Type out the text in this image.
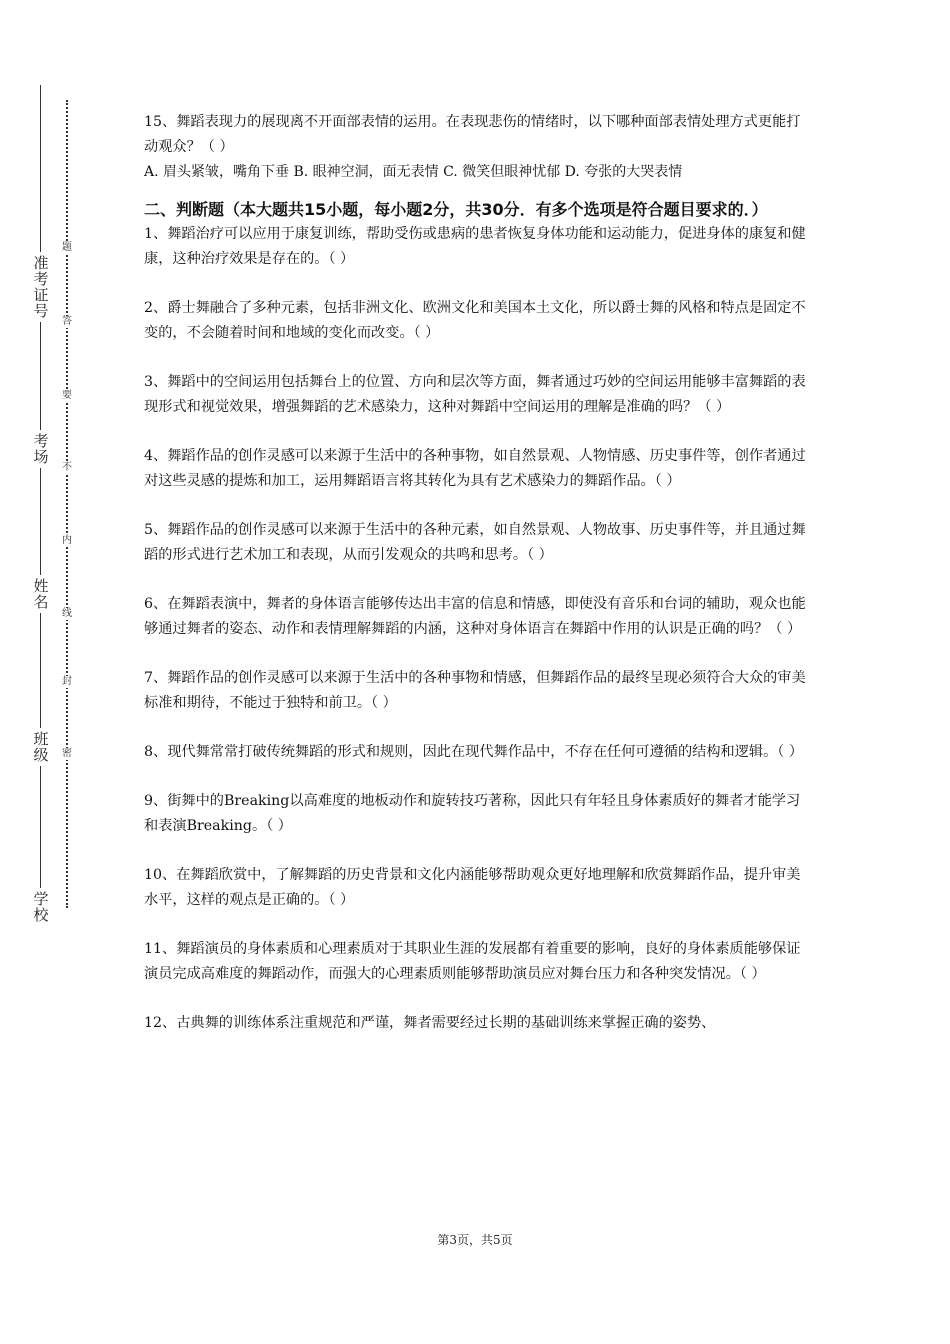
准
考
证
号
考
场
姓
名
班
级
学
校
题
答
要
不
内
线
封
密
15、舞蹈表现力的展现离不开面部表情的运用。在表现悲伤的情绪时，以下哪种面部表情处理方式更能打动观众？（ ）
A. 眉头紧皱，嘴角下垂 B. 眼神空洞，面无表情 C. 微笑但眼神忧郁 D. 夸张的大哭表情
二、判断题（本大题共15小题，每小题2分，共30分．有多个选项是符合题目要求的．）

1、舞蹈治疗可以应用于康复训练，帮助受伤或患病的患者恢复身体功能和运动能力，促进身体的康复和健康，这种治疗效果是存在的。（ ）

2、爵士舞融合了多种元素，包括非洲文化、欧洲文化和美国本土文化，所以爵士舞的风格和特点是固定不变的，不会随着时间和地域的变化而改变。（ ）

3、舞蹈中的空间运用包括舞台上的位置、方向和层次等方面，舞者通过巧妙的空间运用能够丰富舞蹈的表现形式和视觉效果，增强舞蹈的艺术感染力，这种对舞蹈中空间运用的理解是准确的吗？（ ）

4、舞蹈作品的创作灵感可以来源于生活中的各种事物，如自然景观、人物情感、历史事件等，创作者通过对这些灵感的提炼和加工，运用舞蹈语言将其转化为具有艺术感染力的舞蹈作品。（ ）

5、舞蹈作品的创作灵感可以来源于生活中的各种元素，如自然景观、人物故事、历史事件等，并且通过舞蹈的形式进行艺术加工和表现，从而引发观众的共鸣和思考。（ ）

6、在舞蹈表演中，舞者的身体语言能够传达出丰富的信息和情感，即使没有音乐和台词的辅助，观众也能够通过舞者的姿态、动作和表情理解舞蹈的内涵，这种对身体语言在舞蹈中作用的认识是正确的吗？（ ）

7、舞蹈作品的创作灵感可以来源于生活中的各种事物和情感，但舞蹈作品的最终呈现必须符合大众的审美标准和期待，不能过于独特和前卫。（ ）

8、现代舞常常打破传统舞蹈的形式和规则，因此在现代舞作品中，不存在任何可遵循的结构和逻辑。（ ）

9、街舞中的Breaking以高难度的地板动作和旋转技巧著称，因此只有年轻且身体素质好的舞者才能学习和表演Breaking。（ ）

10、在舞蹈欣赏中，了解舞蹈的历史背景和文化内涵能够帮助观众更好地理解和欣赏舞蹈作品，提升审美水平，这样的观点是正确的。（ ）

11、舞蹈演员的身体素质和心理素质对于其职业生涯的发展都有着重要的影响，良好的身体素质能够保证演员完成高难度的舞蹈动作，而强大的心理素质则能够帮助演员应对舞台压力和各种突发情况。（ ）

12、古典舞的训练体系注重规范和严谨，舞者需要经过长期的基础训练来掌握正确的姿势、

第3页，共5页
